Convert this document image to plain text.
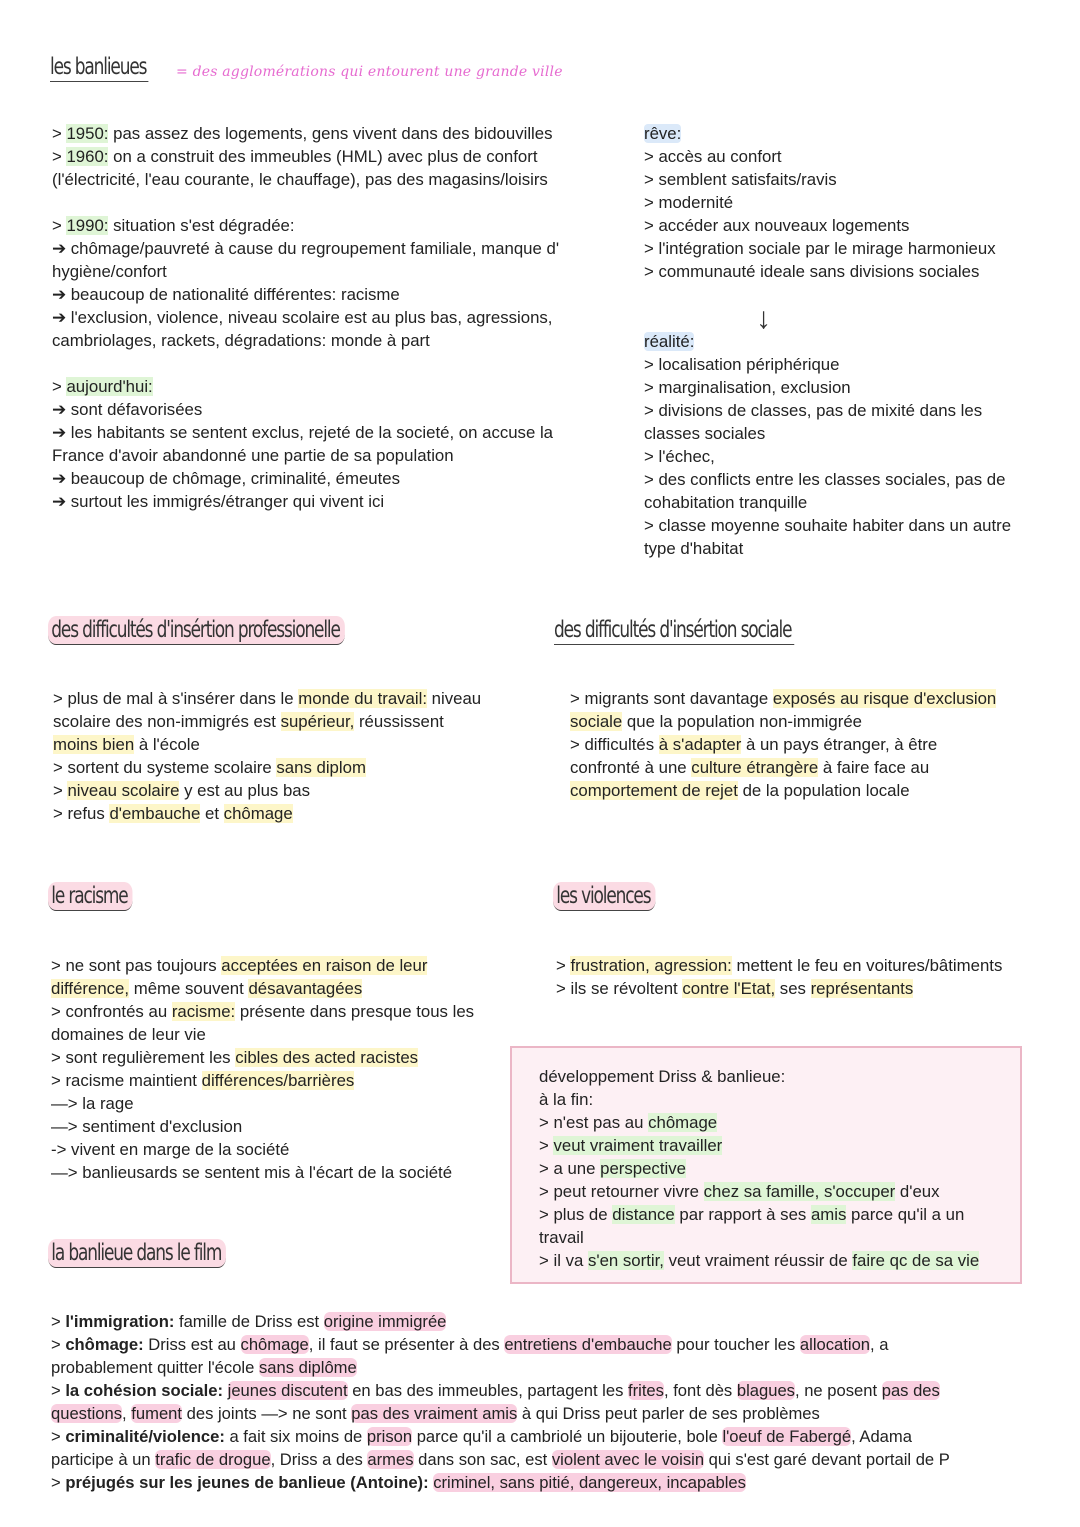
les banlieues = des agglomérations qui entourent une grande ville

> 1950: pas assez des logements, gens vivent dans des bidouvilles

> 1960: on a construit des immeubles (HML) avec plus de confort

(l'électricité, l'eau courante, le chauffage), pas des magasins/loisirs

> 1990: situation s'est dégradée:

➔ chômage/pauvreté à cause du regroupement familiale, manque d'

hygiène/confort

➔ beaucoup de nationalité différentes: racisme

➔ l'exclusion, violence, niveau scolaire est au plus bas, agressions,

cambriolages, rackets, dégradations: monde à part

> aujourd'hui:

➔ sont défavorisées

➔ les habitants se sentent exclus, rejeté de la societé, on accuse la

France d'avoir abandonné une partie de sa population

➔ beaucoup de chômage, criminalité, émeutes

➔ surtout les immigrés/étranger qui vivent ici

rêve:

> accès au confort

> semblent satisfaits/ravis

> modernité

> accéder aux nouveaux logements

> l'intégration sociale par le mirage harmonieux

> communauté ideale sans divisions sociales

↓

réalité:

> localisation périphérique

> marginalisation, exclusion

> divisions de classes, pas de mixité dans les

classes sociales

> l'échec,

> des conflicts entre les classes sociales, pas de

cohabitation tranquille

> classe moyenne souhaite habiter dans un autre

type d'habitat

des difficultés d'insértion professionelle

> plus de mal à s'insérer dans le monde du travail: niveau

scolaire des non-immigrés est supérieur, réussissent

moins bien à l'école

> sortent du systeme scolaire sans diplom

> niveau scolaire y est au plus bas

> refus d'embauche et chômage

des difficultés d'insértion sociale

> migrants sont davantage exposés au risque d'exclusion

sociale que la population non-immigrée

> difficultés à s'adapter à un pays étranger, à être

confronté à une culture étrangère à faire face au

comportement de rejet de la population locale

le racisme

> ne sont pas toujours acceptées en raison de leur

différence, même souvent désavantagées

> confrontés au racisme: présente dans presque tous les

domaines de leur vie

> sont regulièrement les cibles des acted racistes

> racisme maintient différences/barrières

—> la rage

—> sentiment d'exclusion

-> vivent en marge de la société

—> banlieusards se sentent mis à l'écart de la société

les violences

> frustration, agression: mettent le feu en voitures/bâtiments

> ils se révoltent contre l'Etat, ses représentants

développement Driss & banlieue:

à la fin:

> n'est pas au chômage

> veut vraiment travailler

> a une perspective

> peut retourner vivre chez sa famille, s'occuper d'eux

> plus de distance par rapport à ses amis parce qu'il a un

travail

> il va s'en sortir, veut vraiment réussir de faire qc de sa vie

la banlieue dans le film

> l'immigration: famille de Driss est origine immigrée

> chômage: Driss est au chômage, il faut se présenter à des entretiens d'embauche pour toucher les allocation, a

probablement quitter l'école sans diplôme

> la cohésion sociale: jeunes discutent en bas des immeubles, partagent les frites, font dès blagues, ne posent pas des

questions, fument des joints —> ne sont pas des vraiment amis à qui Driss peut parler de ses problèmes

> criminalité/violence: a fait six moins de prison parce qu'il a cambriolé un bijouterie, bole l'oeuf de Fabergé, Adama

participe à un trafic de drogue, Driss a des armes dans son sac, est violent avec le voisin qui s'est garé devant portail de P

> préjugés sur les jeunes de banlieue (Antoine): criminel, sans pitié, dangereux, incapables
